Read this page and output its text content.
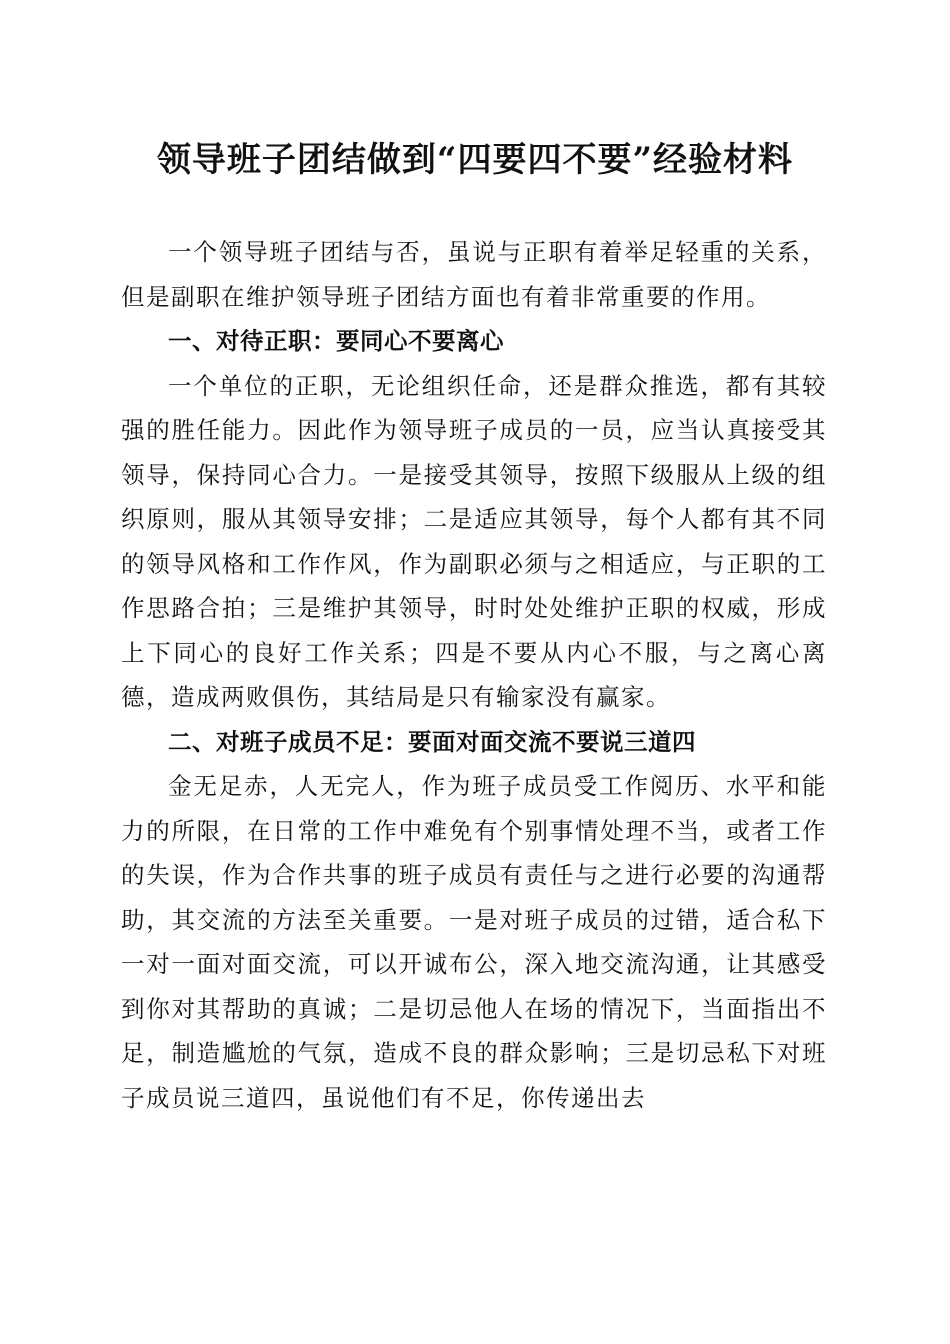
领导班子团结做到“四要四不要”经验材料

一个领导班子团结与否，虽说与正职有着举足轻重的关系，但是副职在维护领导班子团结方面也有着非常重要的作用。

一、对待正职：要同心不要离心

一个单位的正职，无论组织任命，还是群众推选，都有其较强的胜任能力。因此作为领导班子成员的一员，应当认真接受其领导，保持同心合力。一是接受其领导，按照下级服从上级的组织原则，服从其领导安排；二是适应其领导，每个人都有其不同的领导风格和工作作风，作为副职必须与之相适应，与正职的工作思路合拍；三是维护其领导，时时处处维护正职的权威，形成上下同心的良好工作关系；四是不要从内心不服，与之离心离德，造成两败俱伤，其结局是只有输家没有赢家。

二、对班子成员不足：要面对面交流不要说三道四

金无足赤，人无完人，作为班子成员受工作阅历、水平和能力的所限，在日常的工作中难免有个别事情处理不当，或者工作的失误，作为合作共事的班子成员有责任与之进行必要的沟通帮助，其交流的方法至关重要。一是对班子成员的过错，适合私下一对一面对面交流，可以开诚布公，深入地交流沟通，让其感受到你对其帮助的真诚；二是切忌他人在场的情况下，当面指出不足，制造尴尬的气氛，造成不良的群众影响；三是切忌私下对班子成员说三道四，虽说他们有不足，你传递出去
